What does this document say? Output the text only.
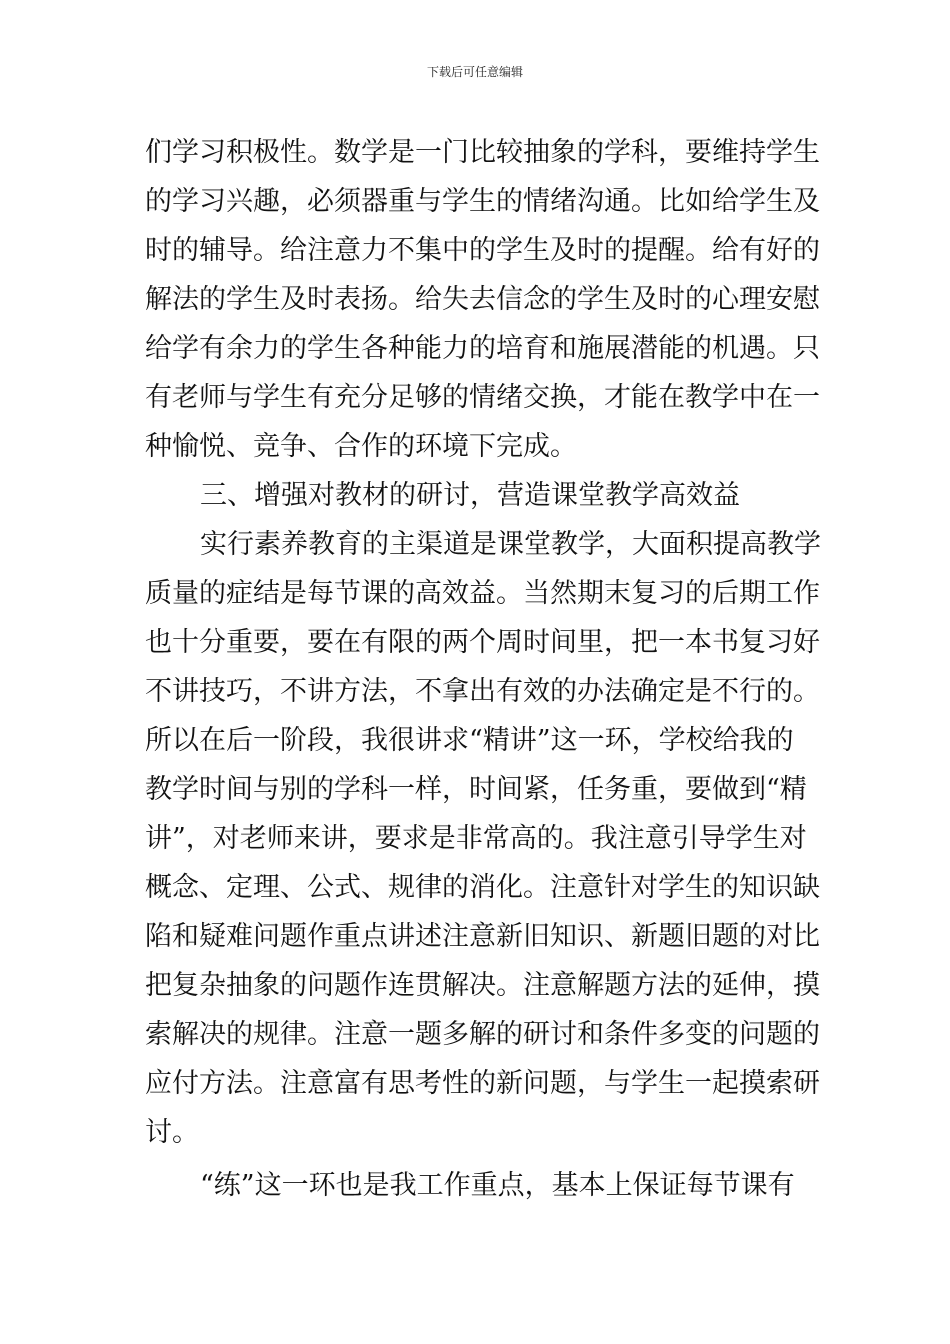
下载后可任意编辑
们学习积极性。数学是一门比较抽象的学科，要维持学生
的学习兴趣，必须器重与学生的情绪沟通。比如给学生及
时的辅导。给注意力不集中的学生及时的提醒。给有好的
解法的学生及时表扬。给失去信念的学生及时的心理安慰
给学有余力的学生各种能力的培育和施展潜能的机遇。只
有老师与学生有充分足够的情绪交换，才能在教学中在一
种愉悦、竞争、合作的环境下完成。
三、增强对教材的研讨，营造课堂教学高效益
实行素养教育的主渠道是课堂教学，大面积提高教学
质量的症结是每节课的高效益。当然期末复习的后期工作
也十分重要，要在有限的两个周时间里，把一本书复习好
不讲技巧，不讲方法，不拿出有效的办法确定是不行的。
所以在后一阶段，我很讲求“精讲”这一环，学校给我的
教学时间与别的学科一样，时间紧，任务重，要做到“精
讲”，对老师来讲，要求是非常高的。我注意引导学生对
概念、定理、公式、规律的消化。注意针对学生的知识缺
陷和疑难问题作重点讲述注意新旧知识、新题旧题的对比
把复杂抽象的问题作连贯解决。注意解题方法的延伸，摸
索解决的规律。注意一题多解的研讨和条件多变的问题的
应付方法。注意富有思考性的新问题，与学生一起摸索研
讨。
“练”这一环也是我工作重点，基本上保证每节课有
